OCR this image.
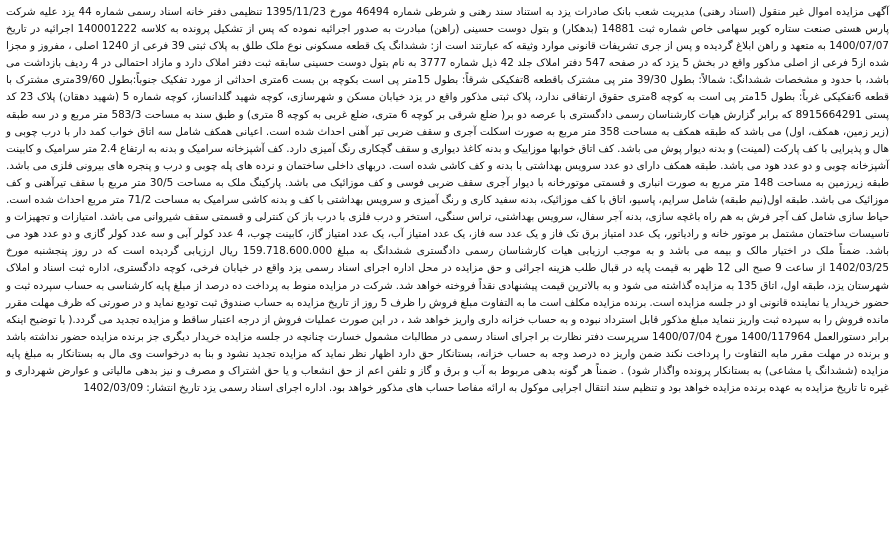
آگهی مزایده اموال غیر منقول (اسناد رهنی) مدیریت شعب بانک صادرات یزد به استناد سند رهنی و شرطی شماره 46494 مورخ 1395/11/23 تنظیمی دفتر خانه اسناد رسمی شماره 44 یزد علیه شرکت پارس هستی صنعت ستاره کویر سهامی خاص شماره ثبت 14881 (بدهکار) و بتول دوست حسینی (راهن) مبادرت به صدور اجرائیه نموده که پس از تشکیل پرونده به کلاسه 140001222 اجرائیه در تاریخ 1400/07/07 به متعهد و راهن ابلاغ گردیده و پس از جری تشریفات قانونی موارد وثیقه که عبارتند است از: ششدانگ یک قطعه مسکونی نوع ملک طلق به پلاک ثبتی 39 فرعی از 1240 اصلی ، مفروز و مجزا شده از5 فرعی از اصلی مذکور واقع در بخش 5 یزد که در صفحه 547 دفتر املاک جلد 42 ذیل شماره 3777 به نام بتول دوست حسینی سابقه ثبت دفتر املاک دارد و مازاد احتمالی در 4 ردیف بازداشت می باشد، با حدود و مشخصات ششدانگ: شمالاً: بطول 39/30 متر پی مشترک باقطعه 8تفکیکی شرقاً: بطول 15متر پی است بکوچه بن بست 6متری احداثی از مورد تفکیک جنوباً:بطول 39/60متری مشترک با قطعه 6تفکیکی غرباً: بطول 15متر پی است به کوچه 8متری حقوق ارتفاقی ندارد، پلاک ثبتی مذکور واقع در یزد خیابان مسکن و شهرسازی، کوچه شهید گلدانساز، کوچه شماره 5 (شهید دهقان) پلاک 23 کد پستی 8915664291 که برابر گزارش هیات کارشناسان رسمی دادگستری با عرصه دو بر( ضلع شرقی بر کوچه 6 متری، ضلع غربی به کوچه 8 متری) و طبق سند به مساحت 583/3 متر مربع و در سه طبقه (زیر زمین، همکف، اول) می باشد که طبقه همکف به مساحت 358 متر مربع به صورت اسکلت آجری و سقف ضربی تیر آهنی احداث شده است. اعیانی همکف شامل سه اتاق خواب کمد دار با درب چوبی و هال و پذیرایی با کف پارکت (لمینت) و بدنه دیوار پوش می باشد. کف اتاق خوابها موزاییک و بدنه کاغذ دیواری و سقف گچکاری رنگ آمیزی دارد. کف آشپزخانه سرامیک و بدنه به ارتفاع 2.4 متر سرامیک و کابینت آشپزخانه چوبی و دو عدد هود می باشد. طبقه همکف دارای دو عدد سرویس بهداشتی با بدنه و کف کاشی شده است. دربهای داخلی ساختمان و نرده های پله چوبی و درب و پنجره های بیرونی فلزی می باشد. طبقه زیرزمین به مساحت 148 متر مربع به صورت انباری و قسمتی موتورخانه با دیوار آجری سقف ضربی فوسی و کف موزائیک می باشد. پارکینگ ملک به مساحت 30/5 متر مربع با سقف تیرآهنی و کف موزائیک می باشد. طبقه اول(نیم طبقه) شامل سرایم، پاسیو، اتاق با کف موزائیک، بدنه سفید کاری و رنگ آمیزی و سرویس بهداشتی با کف و بدنه کاشی سرامیک به مساحت 71/2 متر مربع احداث شده است. حیاط سازی شامل کف آجر فرش به هم راه باغچه سازی، بدنه آجر سفال، سرویس بهداشتی، تراس سنگی، استخر و درب فلزی با درب باز کن کنترلی و قسمتی سقف شیروانی می باشد. امتیازات و تجهیزات و تاسیسات ساختمان مشتمل بر موتور خانه و رادیاتور، یک عدد امتیاز برق تک فاز و یک عدد سه فاز، یک عدد امتیاز آب، یک عدد امتیاز گاز، کابینت چوب، 4 عدد کولر آبی و سه عدد کولر گازی و دو عدد هود می باشد. ضمناً ملک در اختیار مالک و بیمه می باشد و به موجب ارزیابی هیات کارشناسان رسمی دادگستری ششدانگ به مبلغ 159.718.600.000 ریال ارزیابی گردیده است که در روز پنجشنبه مورخ 1402/03/25 از ساعت 9 صبح الی 12 ظهر به قیمت پایه در قبال طلب هزینه اجرائی و حق مزایده در محل اداره اجرای اسناد رسمی یزد واقع در خیابان فرخی، کوچه دادگستری، اداره ثبت اسناد و املاک شهرستان یزد، طبقه اول، اتاق 135 به مزایده گذاشته می شود و به بالاترین قیمت پیشنهادی نقداً فروخته خواهد شد. شرکت در مزایده منوط به پرداخت ده درصد از مبلغ پایه کارشناسی به حساب سپرده ثبت و حضور خریدار یا نماینده قانونی او در جلسه مزایده است. برنده مزایده مکلف است ما به التفاوت مبلغ فروش را ظرف 5 روز از تاریخ مزایده به حساب صندوق ثبت تودیع نماید و در صورتی که ظرف مهلت مقرر مانده فروش را به سپرده ثبت واریز ننماید مبلغ مذکور قابل استرداد نبوده و به حساب خزانه داری واریز خواهد شد ، در این صورت عملیات فروش از درجه اعتبار ساقط و مزایده تجدید می گردد.( با توضیح اینکه برابر دستورالعمل 1400/117964 مورخ 1400/07/04 سرپرست دفتر نظارت بر اجرای اسناد رسمی در مطالبات مشمول خسارت چنانچه در جلسه مزایده خریدار دیگری جز برنده مزایده حضور نداشته باشد و برنده در مهلت مقرر مابه التفاوت را پرداخت نکند ضمن واریز ده درصد وجه به حساب خزانه، بستانکار حق دارد اظهار نظر نماید که مزایده تجدید نشود و بنا به درخواست وی مال به بستانکار به مبلغ پایه مزایده (ششدانگ یا مشاعی) به بستانکار پرونده واگذار شود) . ضمناً هر گونه بدهی مربوط به آب و برق و گاز و تلفن اعم از حق انشعاب و یا حق اشتراک و مصرف و نیز بدهی مالیاتی و عوارض شهرداری و غیره تا تاریخ مزایده به عهده برنده مزایده خواهد بود و تنظیم سند انتقال اجرایی موکول به ارائه مفاصا حساب های مذکور خواهد بود. اداره اجرای اسناد رسمی یزد تاریخ انتشار: 1402/03/09
